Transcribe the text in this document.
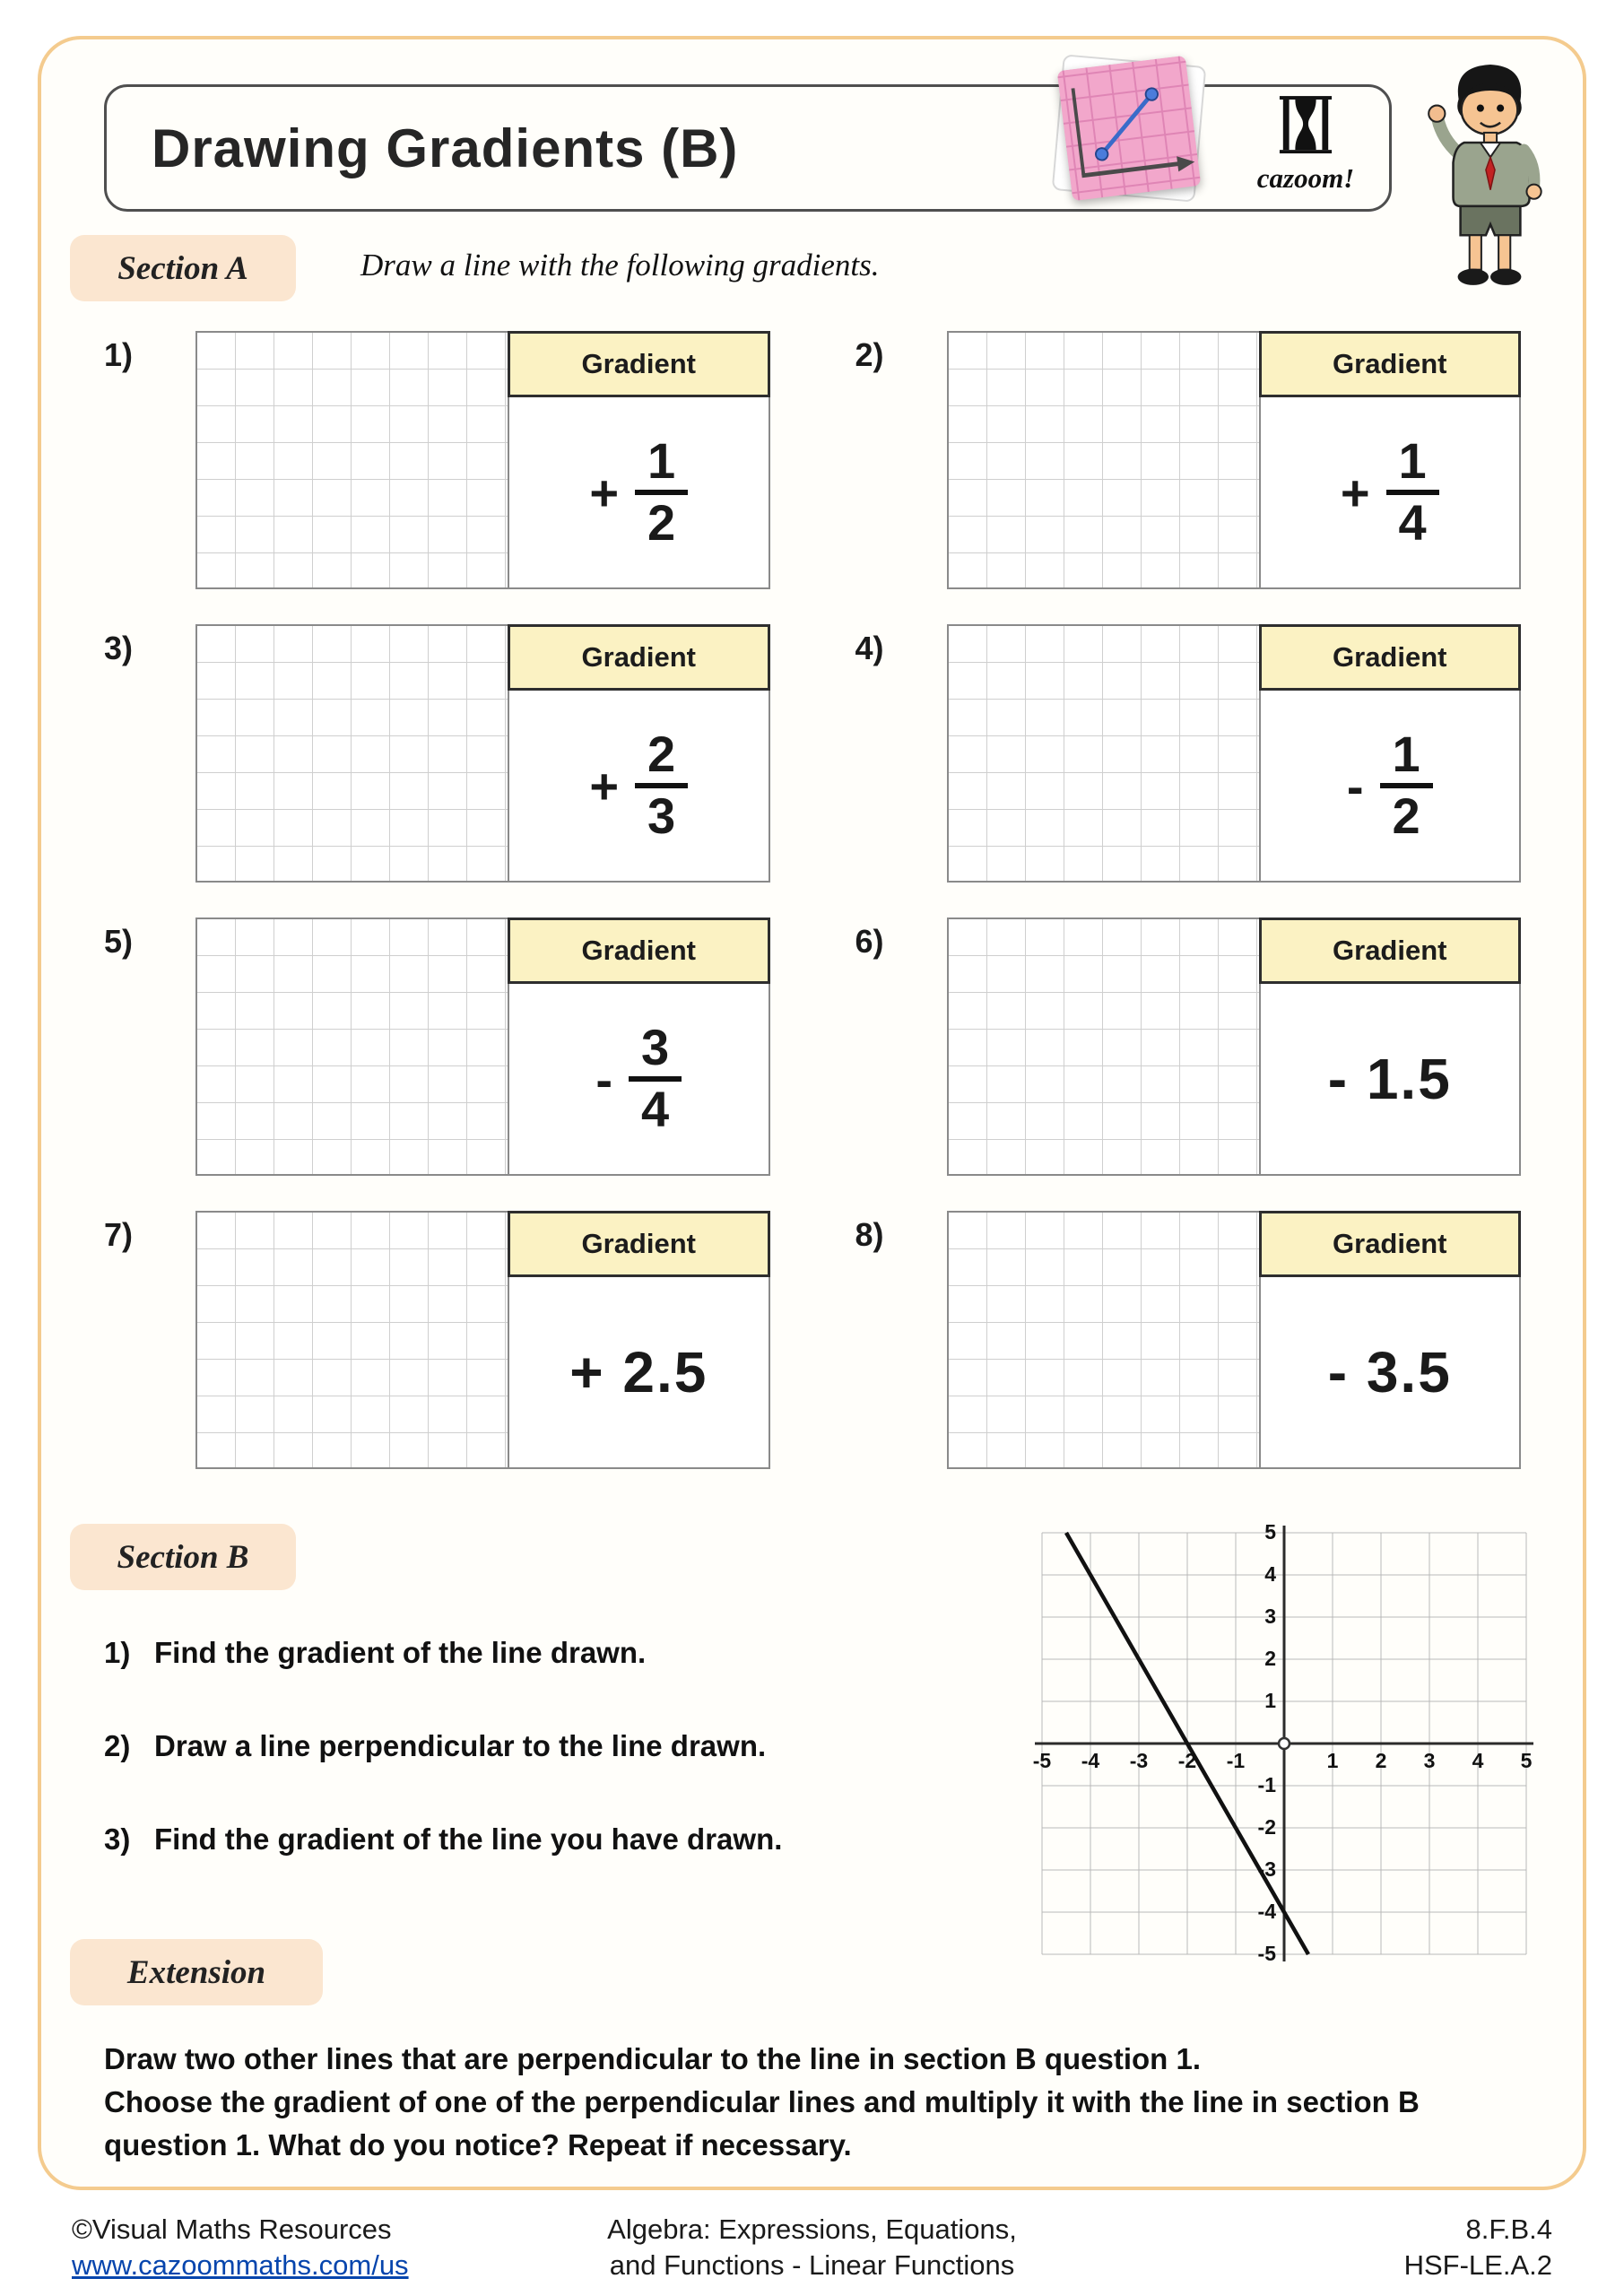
Drawing Gradients (B)	cazoom!
Section A	Draw a line with the following gradients.
1)	Gradient
+ $\frac{1}{2}$
2)	Gradient
+ $\frac{1}{4}$
3)	Gradient
+ $\frac{2}{3}$
4)	Gradient
- $\frac{1}{2}$
5)	Gradient
- $\frac{3}{4}$
6)	Gradient
- 1.5
7)	Gradient
+ 2.5
8)	Gradient
- 3.5
Section B
1) Find the gradient of the line drawn.
2) Draw a line perpendicular to the line drawn.
3) Find the gradient of the line you have drawn.
-5 -4 -3 -2 -1	1 2 3 4 5
5
4
3
2
1
-1
-2
-3
-4
-5
Extension

Draw two other lines that are perpendicular to the line in section B question 1.

Choose the gradient of one of the perpendicular lines and multiply it with the line in section B question 1. What do you notice? Repeat if necessary.

©Visual Maths Resources
www.cazoommaths.com/us
Algebra: Expressions, Equations,
and Functions - Linear Functions
8.F.B.4
HSF-LE.A.2
